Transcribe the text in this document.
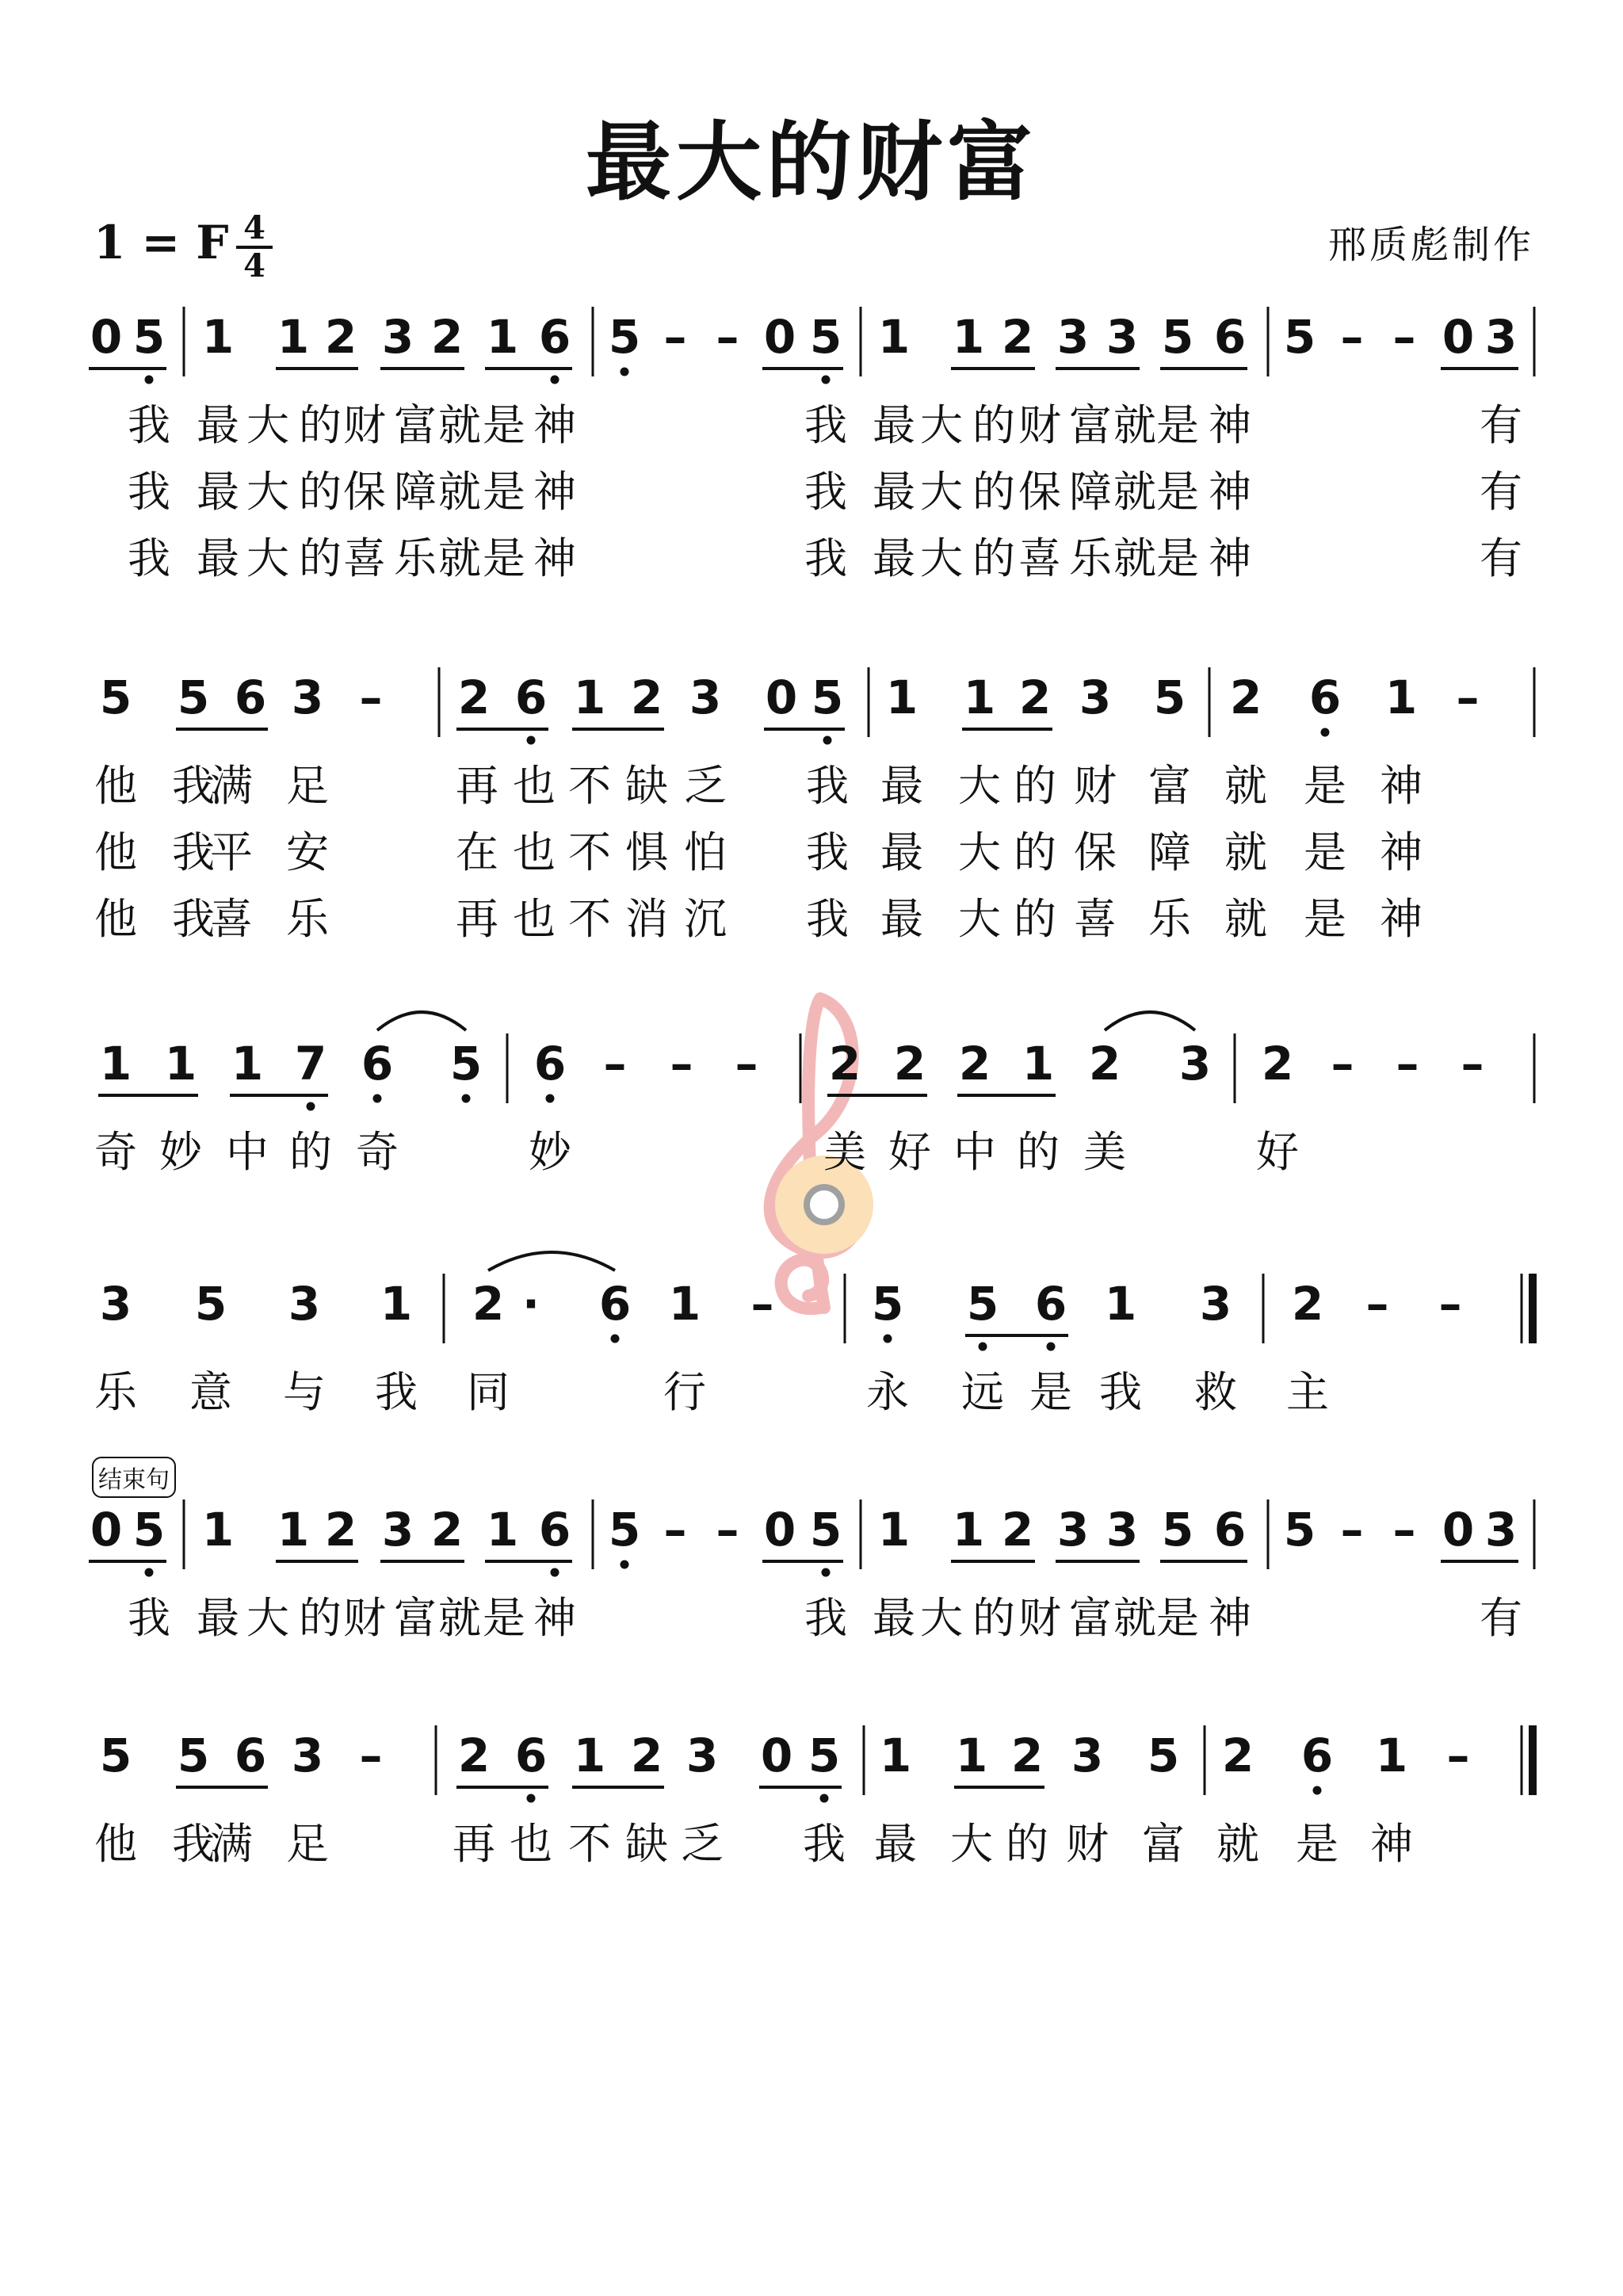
最大的财富
1 = F 4
4	邢质彪制作
结束句
0 5 1 1 2 3 2 1 6 5 – – 0 5 1 1 2 3 3 5 6 5 – – 0 3
我 最 大 的 财 富 就 是 神	我 最 大 的 财 富 就 是 神	有
我 最 大 的 保 障 就 是 神	我 最 大 的 保 障 就 是 神	有
我 最 大 的 喜 乐 就 是 神	我 最 大 的 喜 乐 就 是 神	有
5 5 6 3 – 2 6 1 2 3 0 5 1 1 2 3 5 2 6 1 –
他 我
满 足	再 也 不 缺 乏 我 最 大 的 财 富 就 是 神
他 我
平 安	在 也 不 惧 怕 我 最 大 的 保 障 就 是 神
他 我
喜 乐	再 也 不 消 沉 我 最 大 的 喜 乐 就 是 神
1 1 1 7 6 5 6 – – – 2 2 2 1 2 3 2 – – –
奇 妙 中 的 奇	妙	美 好 中 的 美	好
3 5 3 1 2 · 6 1 – 5 5 6 1 3 2 – –
乐 意 与 我 同	行	永 远 是 我 救 主
0 5 1 1 2 3 2 1 6 5 – – 0 5 1 1 2 3 3 5 6 5 – – 0 3
我 最 大 的 财 富 就 是 神	我 最 大 的 财 富 就 是 神	有
5 5 6 3 – 2 6 1 2 3 0 5 1 1 2 3 5 2 6 1 –
他 我
满 足	再 也 不 缺 乏 我 最 大 的 财 富 就 是 神
